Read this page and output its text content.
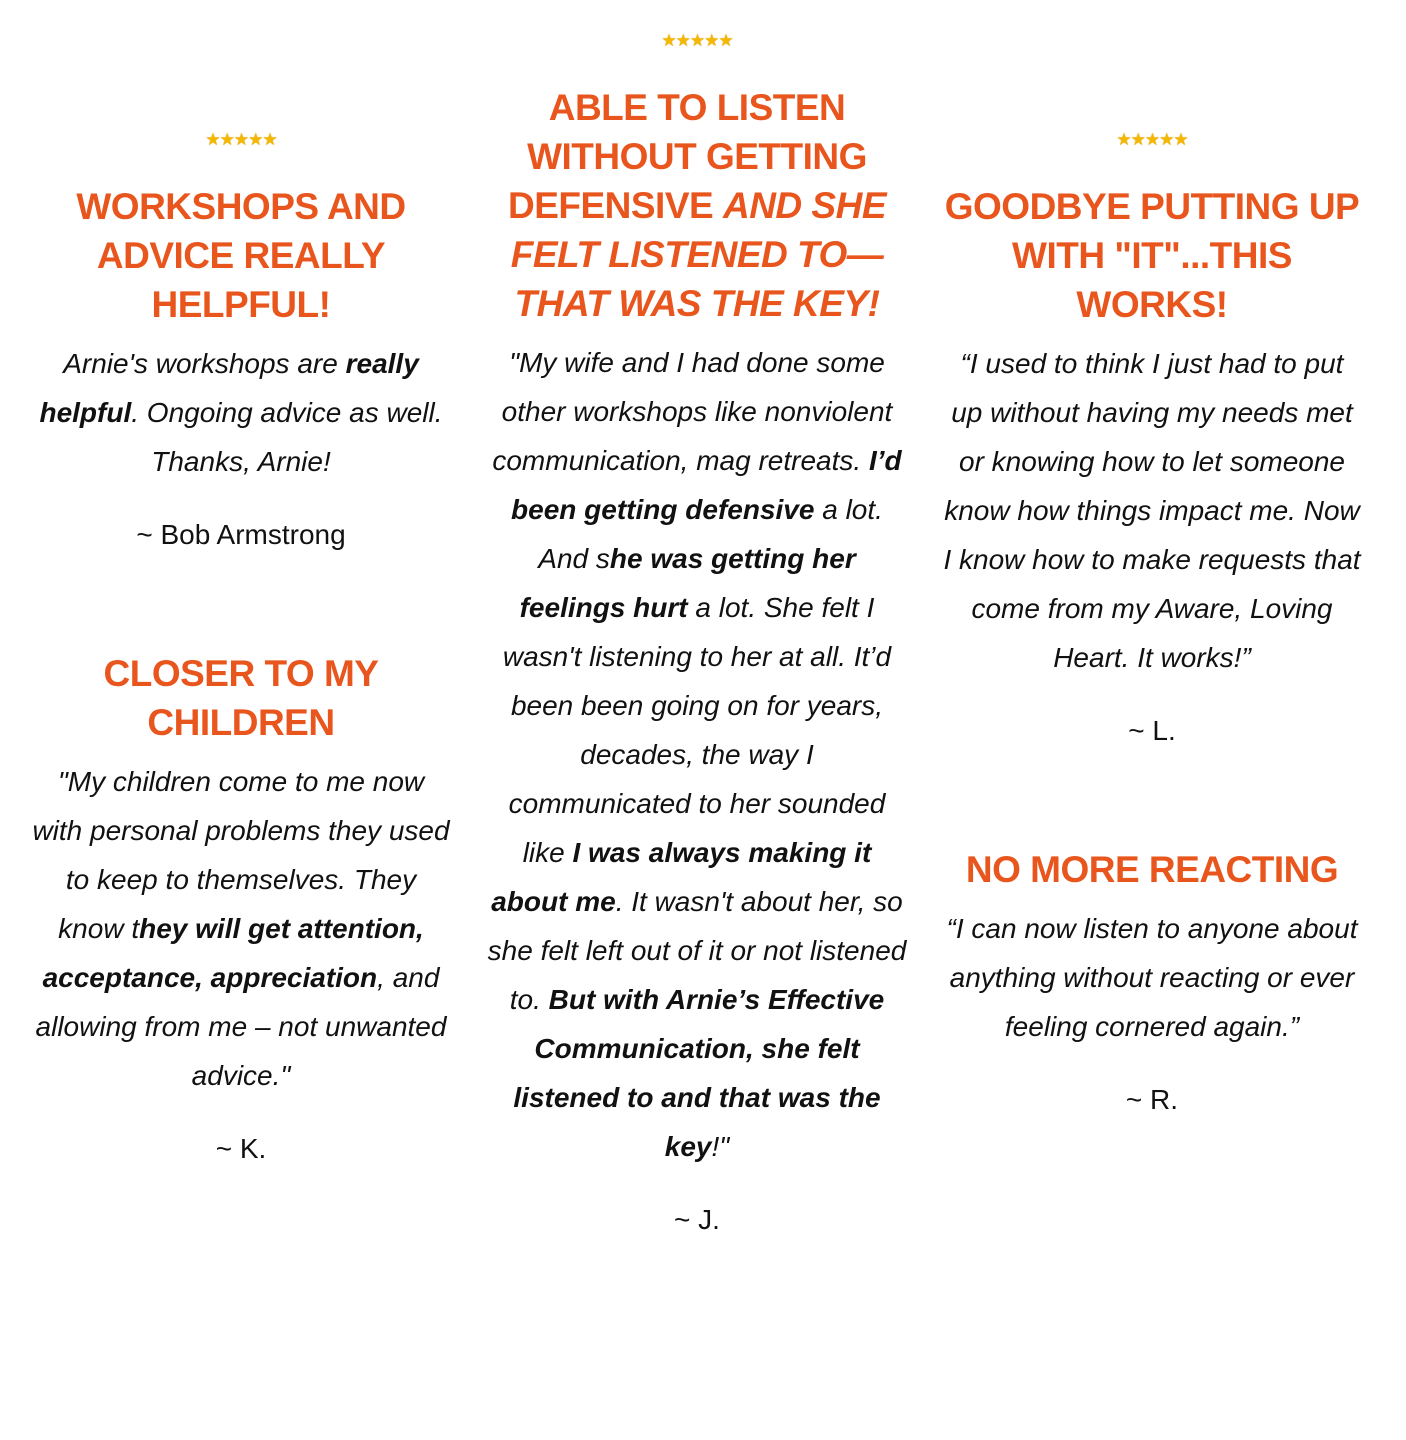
★★★★★
WORKSHOPS AND ADVICE REALLY HELPFUL!

Arnie's workshops are really helpful. Ongoing advice as well. Thanks, Arnie!

~ Bob Armstrong

CLOSER TO MY CHILDREN

"My children come to me now with personal problems they used to keep to themselves. They know they will get attention, acceptance, appreciation, and allowing from me – not unwanted advice."

~ K.

★★★★★
ABLE TO LISTEN WITHOUT GETTING DEFENSIVE AND SHE FELT LISTENED TO—THAT WAS THE KEY!

"My wife and I had done some other workshops like nonviolent communication, mag retreats. I’d been getting defensive a lot. And she was getting her feelings hurt a lot. She felt I wasn't listening to her at all. It’d been been going on for years, decades, the way I communicated to her sounded like I was always making it about me. It wasn't about her, so she felt left out of it or not listened to. But with Arnie’s Effective Communication, she felt listened to and that was the key!"

~ J.

★★★★★
GOODBYE PUTTING UP WITH "IT"...THIS WORKS!

“I used to think I just had to put up without having my needs met or knowing how to let someone know how things impact me. Now I know how to make requests that come from my Aware, Loving Heart. It works!”

~ L.

NO MORE REACTING

“I can now listen to anyone about anything without reacting or ever feeling cornered again.”

~ R.
